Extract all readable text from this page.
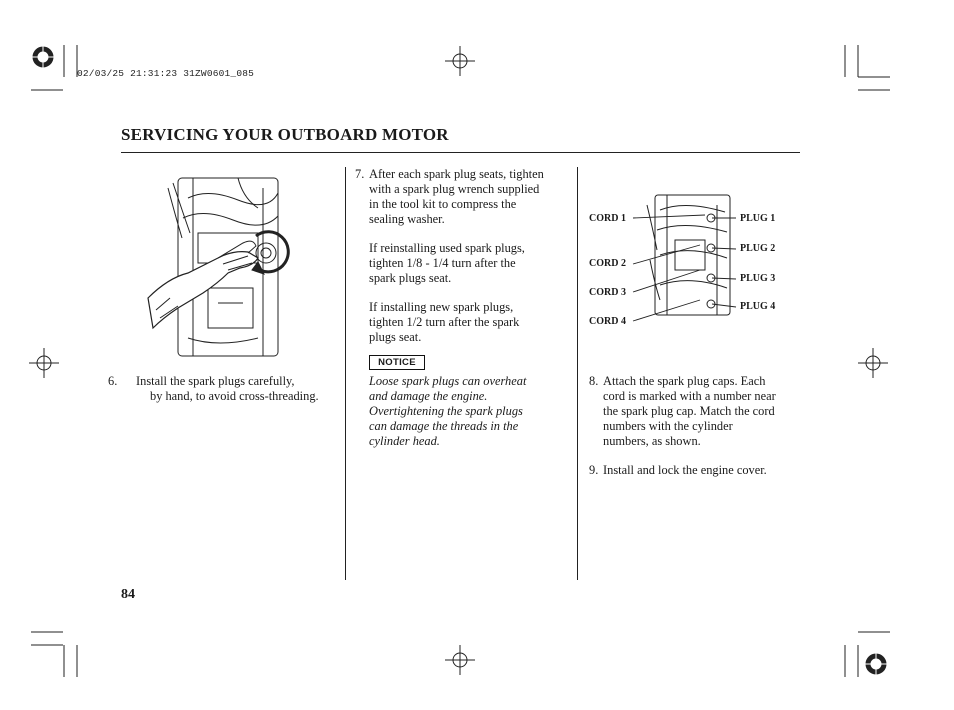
02/03/25 21:31:23 31ZW0601_085
SERVICING YOUR OUTBOARD MOTOR
6. Install the spark plugs carefully,
by hand, to avoid cross-threading.
7. After each spark plug seats, tighten
with a spark plug wrench supplied
in the tool kit to compress the
sealing washer.
If reinstalling used spark plugs,
tighten 1/8 - 1/4 turn after the
spark plugs seat.
If installing new spark plugs,
tighten 1/2 turn after the spark
plugs seat.
NOTICE
Loose spark plugs can overheat
and damage the engine.
Overtightening the spark plugs
can damage the threads in the
cylinder head.
CORD 1
CORD 2
CORD 3
CORD 4
PLUG 1
PLUG 2
PLUG 3
PLUG 4
8. Attach the spark plug caps. Each
cord is marked with a number near
the spark plug cap. Match the cord
numbers with the cylinder
numbers, as shown.
9. Install and lock the engine cover.
84
